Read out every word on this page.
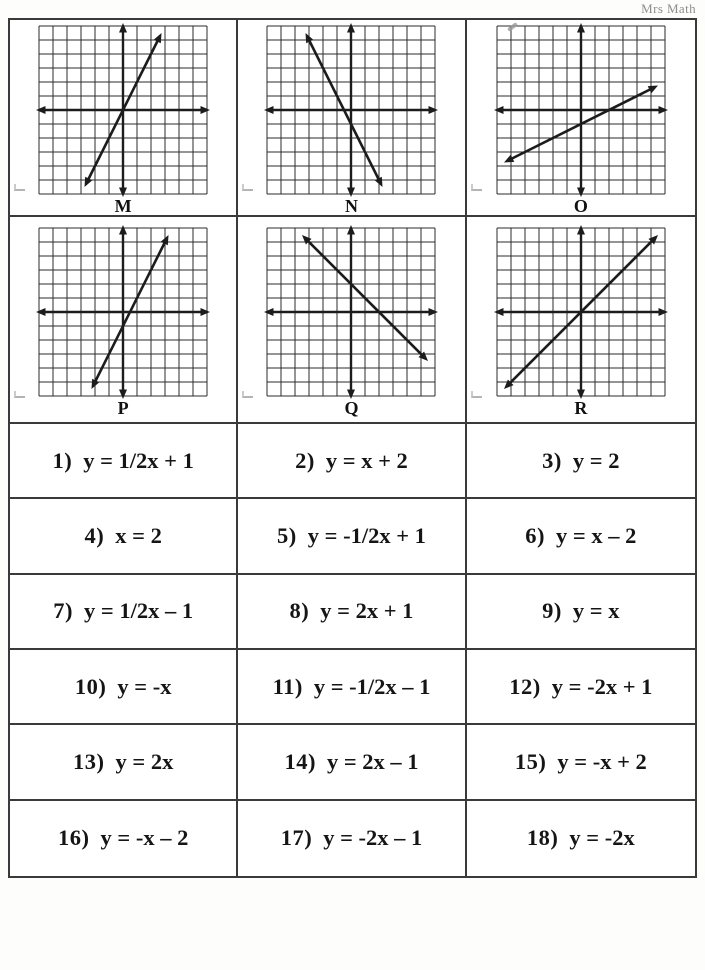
Mrs Math
M	N	O
P	Q	R
1) y = 1/2x + 1	2) y = x + 2	3) y = 2
4) x = 2	5) y = -1/2x + 1	6) y = x – 2
7) y = 1/2x – 1	8) y = 2x + 1	9) y = x
10) y = -x	11) y = -1/2x – 1	12) y = -2x + 1
13) y = 2x	14) y = 2x – 1	15) y = -x + 2
16) y = -x – 2	17) y = -2x – 1	18) y = -2x
